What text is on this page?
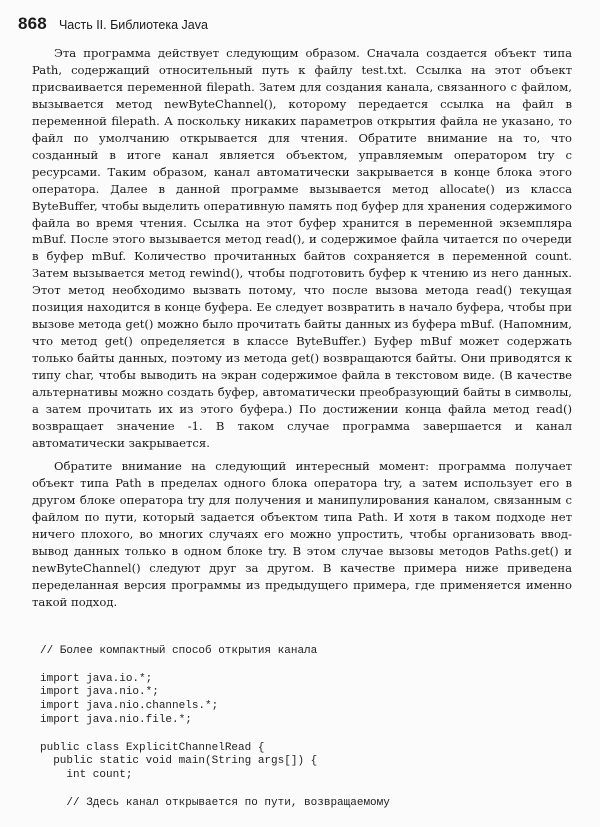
868 Часть II. Библиотека Java

Эта программа действует следующим образом. Сначала создается объект типа Path, содержащий относительный путь к файлу test.txt. Ссылка на этот объект присваивается переменной filepath. Затем для создания канала, связанного с файлом, вызывается метод newByteChannel(), которому передается ссылка на файл в переменной filepath. А поскольку никаких параметров открытия файла не указано, то файл по умолчанию открывается для чтения. Обратите внимание на то, что созданный в итоге канал является объектом, управляемым оператором try с ресурсами. Таким образом, канал автоматически закрывается в конце блока этого оператора. Далее в данной программе вызывается метод allocate() из класса ByteBuffer, чтобы выделить оперативную память под буфер для хранения содержимого файла во время чтения. Ссылка на этот буфер хранится в переменной экземпляра mBuf. После этого вызывается метод read(), и содержимое файла читается по очереди в буфер mBuf. Количество прочитанных байтов сохраняется в переменной count. Затем вызывается метод rewind(), чтобы подготовить буфер к чтению из него данных. Этот метод необходимо вызвать потому, что после вызова метода read() текущая позиция находится в конце буфера. Ее следует возвратить в начало буфера, чтобы при вызове метода get() можно было прочитать байты данных из буфера mBuf. (Напомним, что метод get() определяется в классе ByteBuffer.) Буфер mBuf может содержать только байты данных, поэтому из метода get() возвращаются байты. Они приводятся к типу char, чтобы выводить на экран содержимое файла в текстовом виде. (В качестве альтернативы можно создать буфер, автоматически преобразующий байты в символы, а затем прочитать их из этого буфера.) По достижении конца файла метод read() возвращает значение -1. В таком случае программа завершается и канал автоматически закрывается.

Обратите внимание на следующий интересный момент: программа получает объект типа Path в пределах одного блока оператора try, а затем использует его в другом блоке оператора try для получения и манипулирования каналом, связанным с файлом по пути, который задается объектом типа Path. И хотя в таком подходе нет ничего плохого, во многих случаях его можно упростить, чтобы организовать ввод-вывод данных только в одном блоке try. В этом случае вызовы методов Paths.get() и newByteChannel() следуют друг за другом. В качестве примера ниже приведена переделанная версия программы из предыдущего примера, где применяется именно такой подход.

// Более компактный способ открытия канала

import java.io.*;
import java.nio.*;
import java.nio.channels.*;
import java.nio.file.*;

public class ExplicitChannelRead {
public static void main(String args[]) {
int count;

// Здесь канал открывается по пути, возвращаемому
